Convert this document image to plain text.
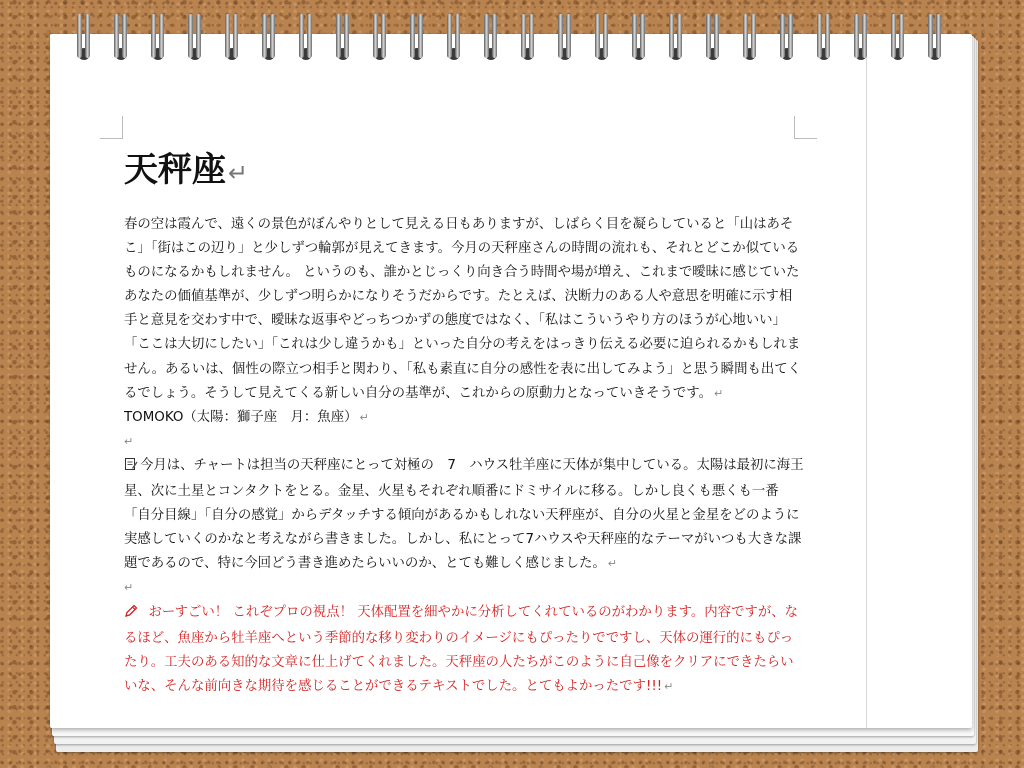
天秤座↵

春の空は霞んで、遠くの景色がぼんやりとして見える日もありますが、しばらく目を凝らしていると「山はあそこ」「街はこの辺り」と少しずつ輪郭が見えてきます。今月の天秤座さんの時間の流れも、それとどこか似ているものになるかもしれません。 というのも、誰かとじっくり向き合う時間や場が増え、これまで曖昧に感じていたあなたの価値基準が、少しずつ明らかになりそうだからです。たとえば、決断力のある人や意思を明確に示す相手と意見を交わす中で、曖昧な返事やどっちつかずの態度ではなく、「私はこういうやり方のほうが心地いい」「ここは大切にしたい」「これは少し違うかも」といった自分の考えをはっきり伝える必要に迫られるかもしれません。あるいは、個性の際立つ相手と関わり、「私も素直に自分の感性を表に出してみよう」と思う瞬間も出てくるでしょう。そうして見えてくる新しい自分の基準が、これからの原動力となっていきそうです。 ↵

TOMOKO（太陽：獅子座　月：魚座） ↵

↵

今月は、チャートは担当の天秤座にとって対極の　7　ハウス牡羊座に天体が集中している。太陽は最初に海王星、次に土星とコンタクトをとる。金星、火星もそれぞれ順番にドミサイルに移る。しかし良くも悪くも一番「自分目線」「自分の感覚」からデタッチする傾向があるかもしれない天秤座が、自分の火星と金星をどのように実感していくのかなと考えながら書きました。しかし、私にとって7ハウスや天秤座的なテーマがいつも大きな課題であるので、特に今回どう書き進めたらいいのか、とても難しく感じました。 ↵

↵

おーすごい！ これぞプロの視点！ 天体配置を細やかに分析してくれているのがわかります。内容ですが、なるほど、魚座から牡羊座へという季節的な移り変わりのイメージにもぴったりでですし、天体の運行的にもぴったり。工夫のある知的な文章に仕上げてくれました。天秤座の人たちがこのように自己像をクリアにできたらいいな、そんな前向きな期待を感じることができるテキストでした。とてもよかったです!!! ↵
